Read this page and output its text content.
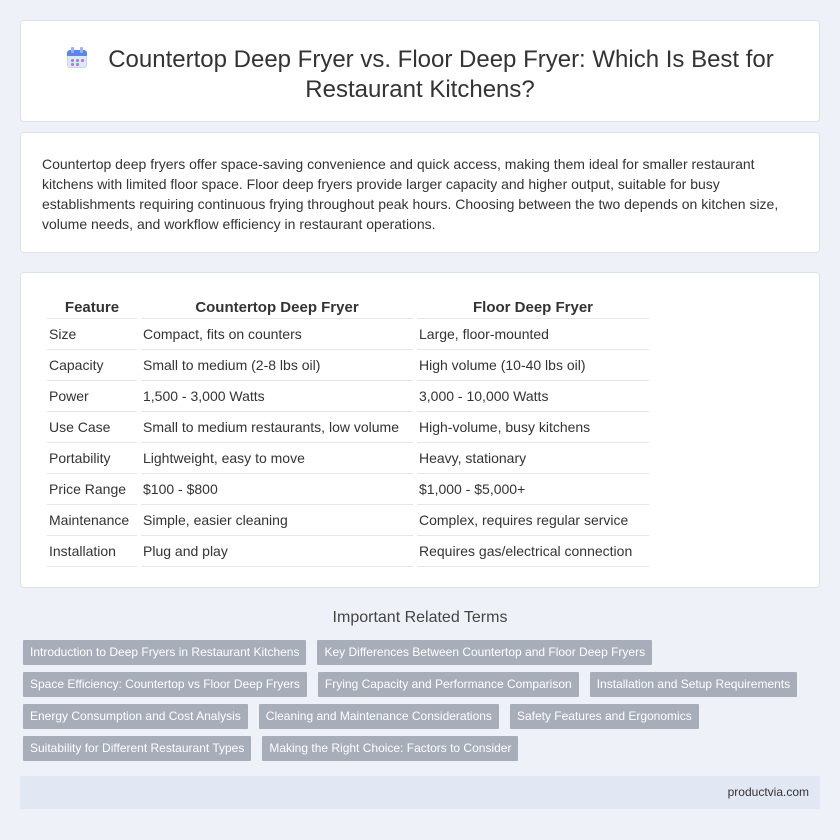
Countertop Deep Fryer vs. Floor Deep Fryer: Which Is Best for
Restaurant Kitchens?

Countertop deep fryers offer space-saving convenience and quick access, making them ideal for smaller restaurant kitchens with limited floor space. Floor deep fryers provide larger capacity and higher output, suitable for busy establishments requiring continuous frying throughout peak hours. Choosing between the two depends on kitchen size, volume needs, and workflow efficiency in restaurant operations.

Feature	Countertop Deep Fryer	Floor Deep Fryer
Size	Compact, fits on counters	Large, floor-mounted
Capacity	Small to medium (2-8 lbs oil)	High volume (10-40 lbs oil)
Power	1,500 - 3,000 Watts	3,000 - 10,000 Watts
Use Case	Small to medium restaurants, low volume	High-volume, busy kitchens
Portability	Lightweight, easy to move	Heavy, stationary
Price Range	$100 - $800	$1,000 - $5,000+
Maintenance	Simple, easier cleaning	Complex, requires regular service
Installation	Plug and play	Requires gas/electrical connection
Important Related Terms
Introduction to Deep Fryers in Restaurant Kitchens	Key Differences Between Countertop and Floor Deep Fryers
Space Efficiency: Countertop vs Floor Deep Fryers	Frying Capacity and Performance Comparison	Installation and Setup Requirements
Energy Consumption and Cost Analysis	Cleaning and Maintenance Considerations	Safety Features and Ergonomics
Suitability for Different Restaurant Types	Making the Right Choice: Factors to Consider
productvia.com
